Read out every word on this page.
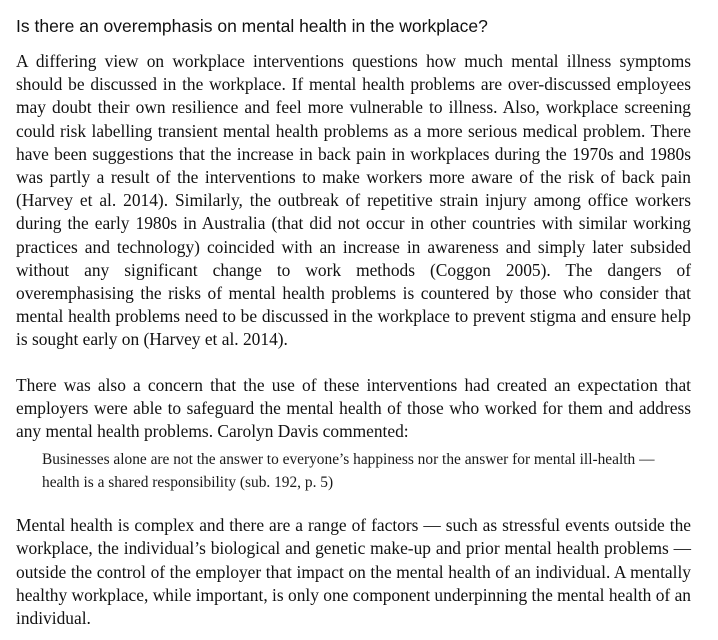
Is there an overemphasis on mental health in the workplace?

A differing view on workplace interventions questions how much mental illness symptoms should be discussed in the workplace. If mental health problems are over-discussed employees may doubt their own resilience and feel more vulnerable to illness. Also, workplace screening could risk labelling transient mental health problems as a more serious medical problem. There have been suggestions that the increase in back pain in workplaces during the 1970s and 1980s was partly a result of the interventions to make workers more aware of the risk of back pain (Harvey et al. 2014). Similarly, the outbreak of repetitive strain injury among office workers during the early 1980s in Australia (that did not occur in other countries with similar working practices and technology) coincided with an increase in awareness and simply later subsided without any significant change to work methods (Coggon 2005). The dangers of overemphasising the risks of mental health problems is countered by those who consider that mental health problems need to be discussed in the workplace to prevent stigma and ensure help is sought early on (Harvey et al. 2014).

There was also a concern that the use of these interventions had created an expectation that employers were able to safeguard the mental health of those who worked for them and address any mental health problems. Carolyn Davis commented:

Businesses alone are not the answer to everyone’s happiness nor the answer for mental ill-health — health is a shared responsibility (sub. 192, p. 5)

Mental health is complex and there are a range of factors — such as stressful events outside the workplace, the individual’s biological and genetic make-up and prior mental health problems — outside the control of the employer that impact on the mental health of an individual. A mentally healthy workplace, while important, is only one component underpinning the mental health of an individual.
